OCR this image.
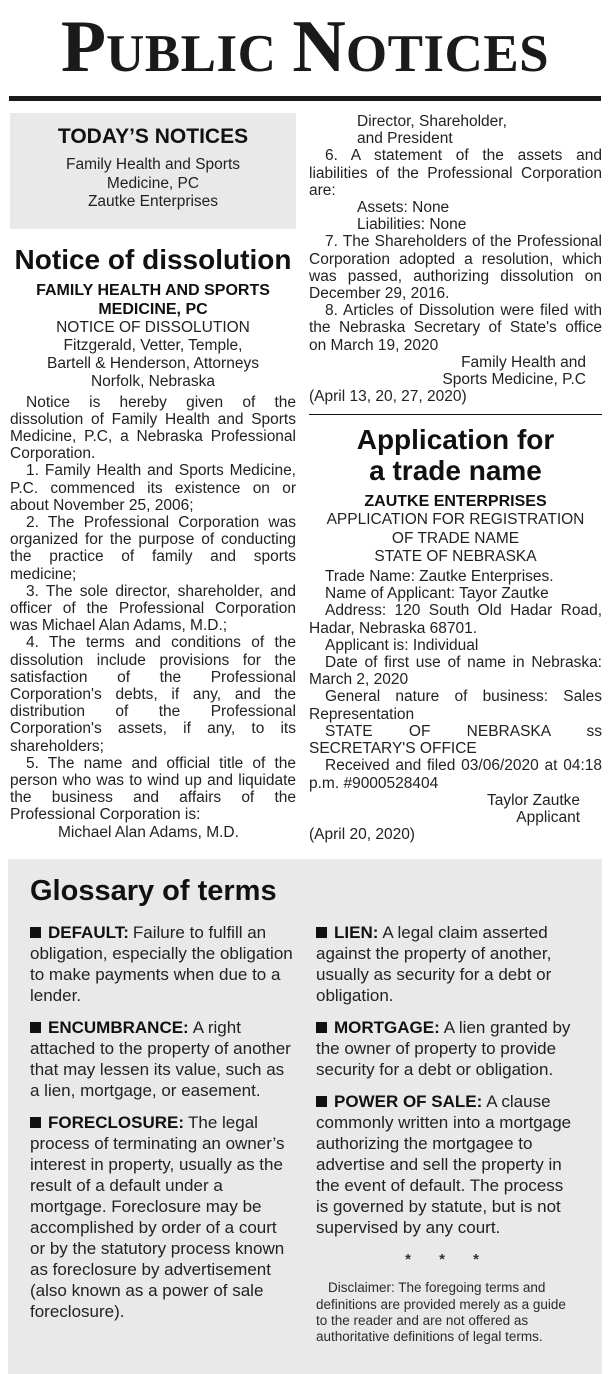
PUBLIC NOTICES
TODAY’S NOTICES
Family Health and Sports
Medicine, PC
Zautke Enterprises
Notice of dissolution

FAMILY HEALTH AND SPORTS

MEDICINE, PC

NOTICE OF DISSOLUTION
Fitzgerald, Vetter, Temple,
Bartell & Henderson, Attorneys
Norfolk, Nebraska

Notice is hereby given of the dissolution of Family Health and Sports Medicine, P.C, a Nebraska Professional Corporation.

1. Family Health and Sports Medicine, P.C. commenced its existence on or about November 25, 2006;

2. The Professional Corporation was organized for the purpose of conducting the practice of family and sports medicine;

3. The sole director, shareholder, and officer of the Professional Corporation was Michael Alan Adams, M.D.;

4. The terms and conditions of the dissolution include provisions for the satisfaction of the Professional Corporation's debts, if any, and the distribution of the Professional Corporation's assets, if any, to its shareholders;

5. The name and official title of the person who was to wind up and liquidate the business and affairs of the Professional Corporation is:

Michael Alan Adams, M.D.

Director, Shareholder,

and President

6. A statement of the assets and liabilities of the Professional Corporation are:

Assets: None

Liabilities: None

7. The Shareholders of the Professional Corporation adopted a resolution, which was passed, authorizing dissolution on December 29, 2016.

8. Articles of Dissolution were filed with the Nebraska Secretary of State's office on March 19, 2020

Family Health and

Sports Medicine, P.C

(April 13, 20, 27, 2020)

Application for
a trade name

ZAUTKE ENTERPRISES

APPLICATION FOR REGISTRATION
OF TRADE NAME
STATE OF NEBRASKA

Trade Name: Zautke Enterprises.

Name of Applicant: Tayor Zautke

Address: 120 South Old Hadar Road, Hadar, Nebraska 68701.

Applicant is: Individual

Date of first use of name in Nebraska: March 2, 2020

General nature of business: Sales Representation

STATE OF NEBRASKA ss SECRETARY'S OFFICE

Received and filed 03/06/2020 at 04:18 p.m. #9000528404

Taylor Zautke

Applicant

(April 20, 2020)

Glossary of terms

DEFAULT: Failure to fulfill an obligation, especially the obligation to make payments when due to a lender.

ENCUMBRANCE: A right attached to the property of another that may lessen its value, such as a lien, mortgage, or easement.

FORECLOSURE: The legal process of terminating an owner’s interest in property, usually as the result of a default under a mortgage. Foreclosure may be accomplished by order of a court or by the statutory process known as foreclosure by advertisement (also known as a power of sale foreclosure).

LIEN: A legal claim asserted against the property of another, usually as security for a debt or obligation.

MORTGAGE: A lien granted by the owner of property to provide security for a debt or obligation.

POWER OF SALE: A clause commonly written into a mortgage authorizing the mortgagee to advertise and sell the property in the event of default. The process is governed by statute, but is not supervised by any court.

* * *

Disclaimer: The foregoing terms and definitions are provided merely as a guide to the reader and are not offered as authoritative definitions of legal terms.
